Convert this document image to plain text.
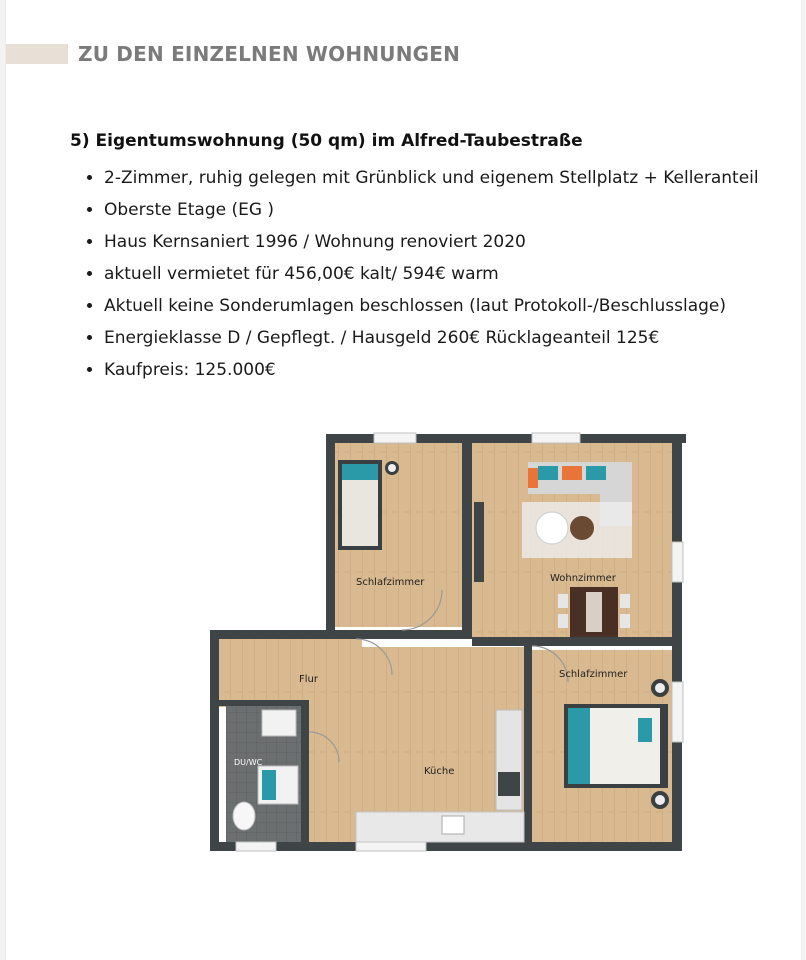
ZU DEN EINZELNEN WOHNUNGEN
5) Eigentumswohnung (50 qm) im Alfred-Taubestraße
• 2-Zimmer, ruhig gelegen mit Grünblick und eigenem Stellplatz + Kelleranteil
• Oberste Etage (EG )
• Haus Kernsaniert 1996 / Wohnung renoviert 2020
• aktuell vermietet für 456,00€ kalt/ 594€ warm
• Aktuell keine Sonderumlagen beschlossen (laut Protokoll-/Beschlusslage)
• Energieklasse D / Gepflegt. / Hausgeld 260€ Rücklageanteil 125€
• Kaufpreis: 125.000€
Schlafzimmer	Wohnzimmer
Schlafzimmer
Flur
DU/WC
Küche
